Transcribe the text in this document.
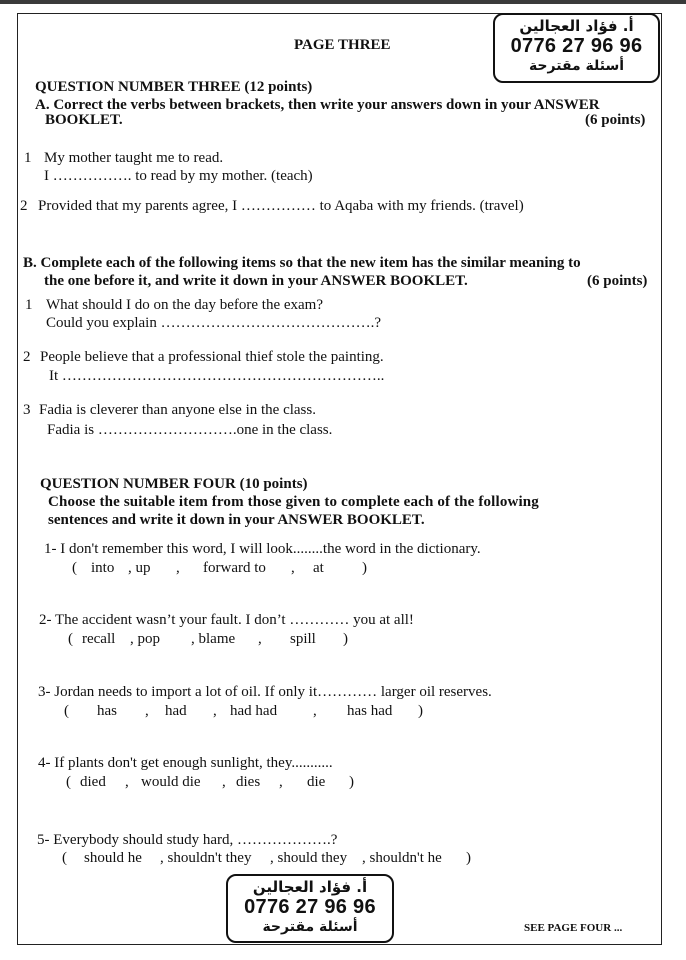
PAGE THREE
أ. فؤاد العجالين
0776 27 96 96
أسئلة مقترحة
QUESTION NUMBER THREE (12 points)
A. Correct the verbs between brackets, then write your answers down in your ANSWER
BOOKLET.	(6 points)
1 My mother taught me to read.
I ……………. to read by my mother. (teach)
2 Provided that my parents agree, I …………… to Aqaba with my friends. (travel)
B. Complete each of the following items so that the new item has the similar meaning to
the one before it, and write it down in your ANSWER BOOKLET.	(6 points)
1 What should I do on the day before the exam?
Could you explain …………………………………….?
2 People believe that a professional thief stole the painting.
It ………………………………………………………..
3 Fadia is cleverer than anyone else in the class.
Fadia is ……………………….one in the class.
QUESTION NUMBER FOUR (10 points)
Choose the suitable item from those given to complete each of the following
sentences and write it down in your ANSWER BOOKLET.
1- I don't remember this word, I will look........the word in the dictionary.
( into , up , forward to , at	)
2- The accident wasn’t your fault. I don’t ………… you at all!
( recall , pop , blame , spill )
3- Jordan needs to import a lot of oil. If only it………… larger oil reserves.
( has , had , had had , has had )
4- If plants don't get enough sunlight, they...........
( died , would die , dies , die )
5- Everybody should study hard, ……………….?
( should he , shouldn't they , should they , shouldn't he )
أ. فؤاد العجالين
0776 27 96 96
أسئلة مقترحة	SEE PAGE FOUR ...
